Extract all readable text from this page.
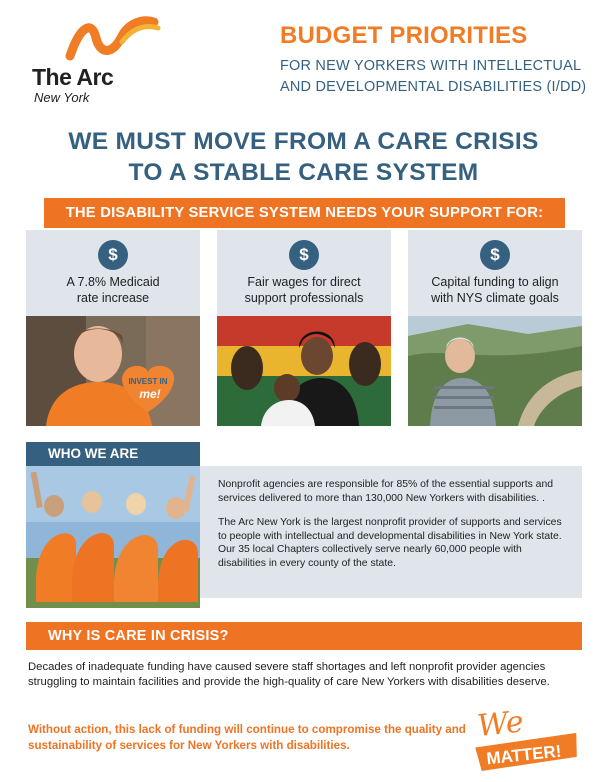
The Arc
New York
BUDGET PRIORITIES
FOR NEW YORKERS WITH INTELLECTUAL AND DEVELOPMENTAL DISABILITIES (I/DD)
WE MUST MOVE FROM A CARE CRISIS
TO A STABLE CARE SYSTEM
THE DISABILITY SERVICE SYSTEM NEEDS YOUR SUPPORT FOR:
$
A 7.8% Medicaid
rate increase
INVEST IN
me!
$
Fair wages for direct
support professionals
$
Capital funding to align
with NYS climate goals
WHO WE ARE

Nonprofit agencies are responsible for 85% of the essential supports and services delivered to more than 130,000 New Yorkers with disabilities. .

The Arc New York is the largest nonprofit provider of supports and services to people with intellectual and developmental disabilities in New York state. Our 35 local Chapters collectively serve nearly 60,000 people with disabilities in every county of the state.

WHY IS CARE IN CRISIS?
Decades of inadequate funding have caused severe staff shortages and left nonprofit provider agencies struggling to maintain facilities and provide the high-quality of care New Yorkers with disabilities deserve.
Without action, this lack of funding will continue to compromise the quality and sustainability of services for New Yorkers with disabilities.
We
MATTER!
